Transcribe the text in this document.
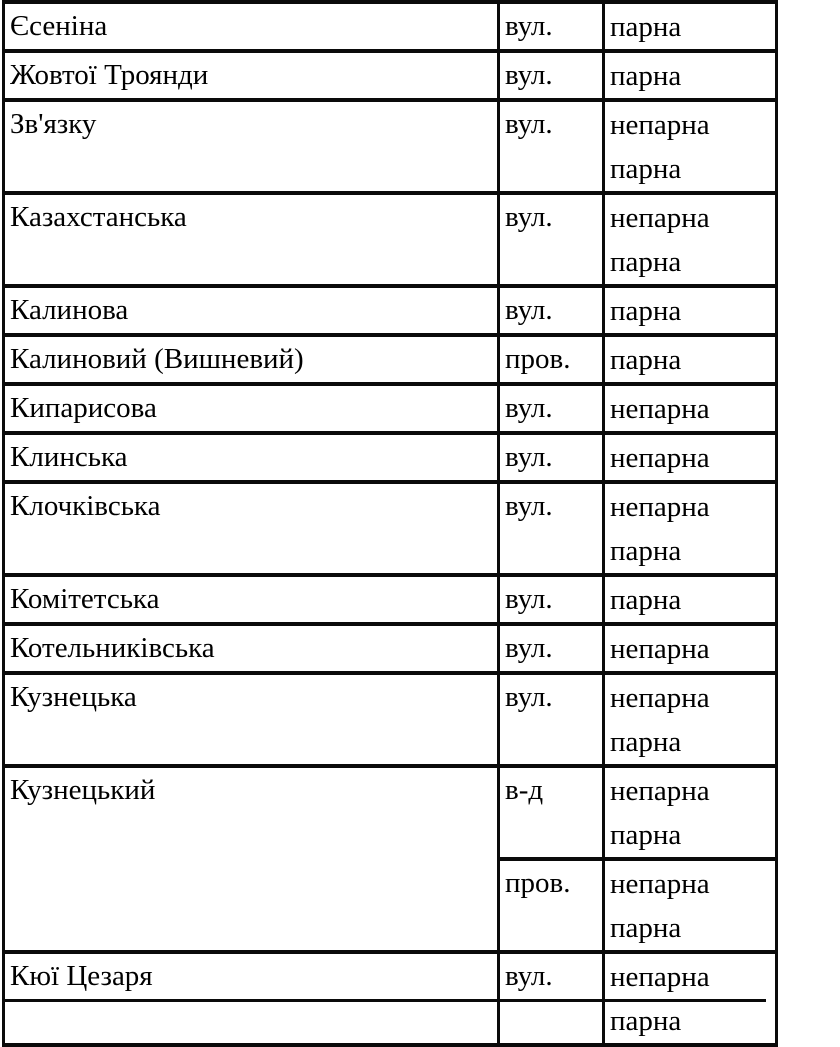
Єсеніна	вул.	парна

Жовтої Троянди	вул.	парна

Зв'язку	вул.	непарна
парна

Казахстанська	вул.	непарна
парна

Калинова	вул.	парна

Калиновий (Вишневий)	пров.	парна

Кипарисова	вул.	непарна

Клинська	вул.	непарна

Клочківська	вул.	непарна
парна

Комітетська	вул.	парна

Котельниківська	вул.	непарна

Кузнецька	вул.	непарна
парна

Кузнецький	в-д	непарна
парна

	пров.	непарна
парна

Кюї Цезаря	вул.	непарна
парна
